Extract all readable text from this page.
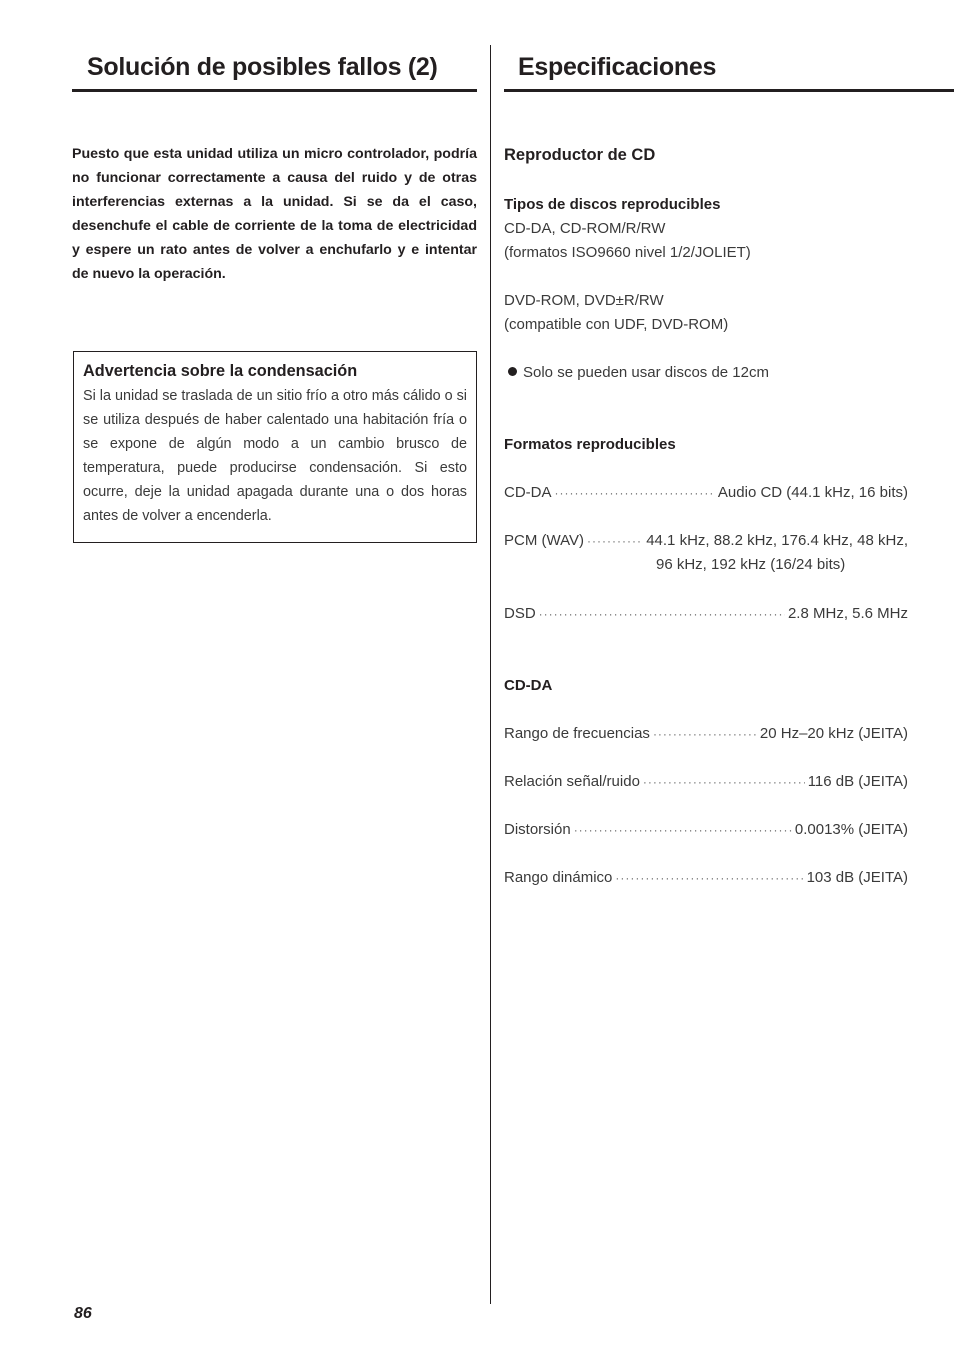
Solución de posibles fallos (2)

Puesto que esta unidad utiliza un micro controlador, podría no funcionar correctamente a causa del ruido y de otras interferencias externas a la unidad. Si se da el caso, desenchufe el cable de corriente de la toma de electricidad y espere un rato antes de volver a enchufarlo y e intentar de nuevo la operación.

Advertencia sobre la condensación

Si la unidad se traslada de un sitio frío a otro más cálido o si se utiliza después de haber calentado una habitación fría o se expone de algún modo a un cambio brusco de temperatura, puede producirse condensación. Si esto ocurre, deje la unidad apagada durante una o dos horas antes de volver a encenderla.

Especificaciones

Reproductor de CD

Tipos de discos reproducibles

CD-DA, CD-ROM/R/RW

(formatos ISO9660 nivel 1/2/JOLIET)

DVD-ROM, DVD±R/RW

(compatible con UDF, DVD-ROM)

Solo se pueden usar discos de 12cm

Formatos reproducibles

CD-DA ·····	Audio CD (44.1 kHz, 16 bits)
PCM (WAV) ·····	44.1 kHz, 88.2 kHz, 176.4 kHz, 48 kHz,
96 kHz, 192 kHz (16/24 bits)
DSD ·····	2.8 MHz, 5.6 MHz

CD-DA

Rango de frecuencias ·····	20 Hz–20 kHz (JEITA)
Relación señal/ruido ·····	116 dB (JEITA)
Distorsión ·····	0.0013% (JEITA)
Rango dinámico ·····	103 dB (JEITA)

86
